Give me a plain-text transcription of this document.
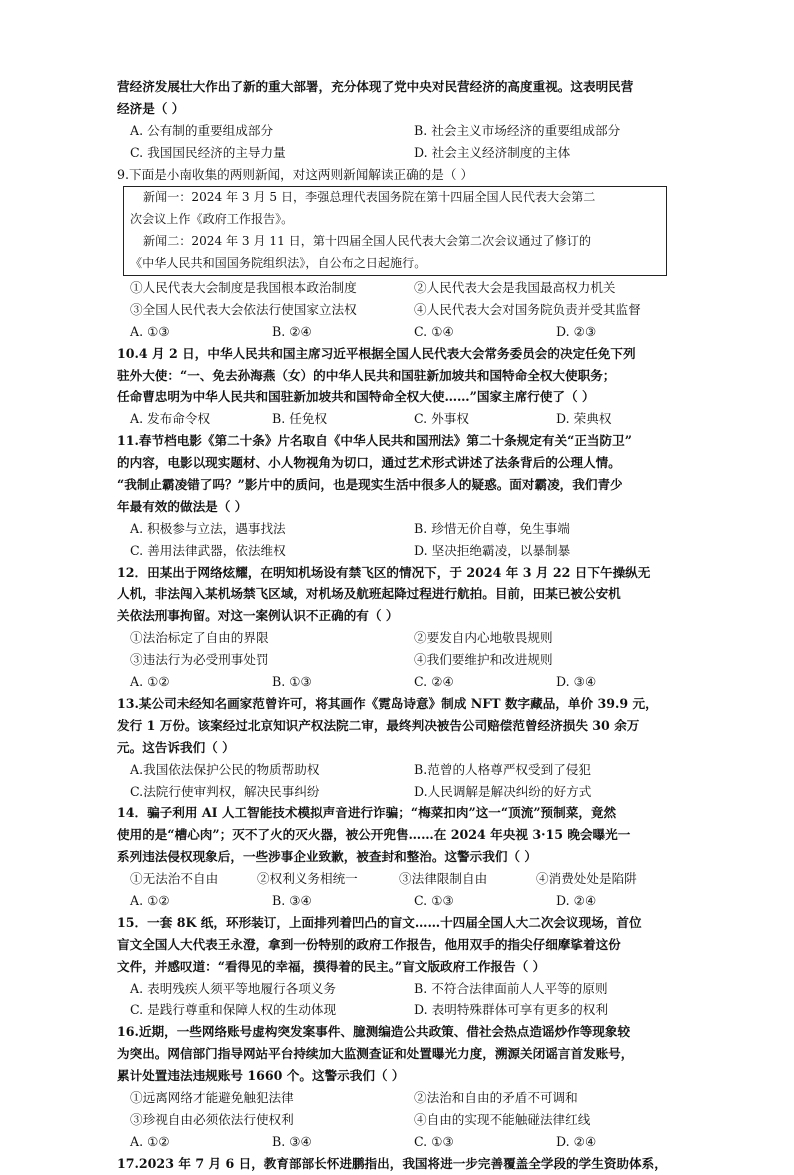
营经济发展壮大作出了新的重大部署，充分体现了党中央对民营经济的高度重视。这表明民营
经济是（ ）
A. 公有制的重要组成部分	B. 社会主义市场经济的重要组成部分
C. 我国国民经济的主导力量	D. 社会主义经济制度的主体
9.下面是小南收集的两则新闻，对这两则新闻解读正确的是（ ）
新闻一：2024 年 3 月 5 日，李强总理代表国务院在第十四届全国人民代表大会第二
次会议上作《政府工作报告》。
新闻二：2024 年 3 月 11 日，第十四届全国人民代表大会第二次会议通过了修订的
《中华人民共和国国务院组织法》，自公布之日起施行。
①人民代表大会制度是我国根本政治制度	②人民代表大会是我国最高权力机关
③全国人民代表大会依法行使国家立法权	④人民代表大会对国务院负责并受其监督
A. ①③	B. ②④	C. ①④	D. ②③
10.4 月 2 日，中华人民共和国主席习近平根据全国人民代表大会常务委员会的决定任免下列
驻外大使：“一、免去孙海燕（女）的中华人民共和国驻新加坡共和国特命全权大使职务；
任命曹忠明为中华人民共和国驻新加坡共和国特命全权大使……”国家主席行使了（ ）
A. 发布命令权	B. 任免权	C. 外事权	D. 荣典权
11.春节档电影《第二十条》片名取自《中华人民共和国刑法》第二十条规定有关“正当防卫”
的内容，电影以现实题材、小人物视角为切口，通过艺术形式讲述了法条背后的公理人情。
“我制止霸凌错了吗？”影片中的质问，也是现实生活中很多人的疑惑。面对霸凌，我们青少
年最有效的做法是（ ）
A. 积极参与立法，遇事找法	B. 珍惜无价自尊，免生事端
C. 善用法律武器，依法维权	D. 坚决拒绝霸凌，以暴制暴
12．田某出于网络炫耀，在明知机场设有禁飞区的情况下，于 2024 年 3 月 22 日下午操纵无
人机，非法闯入某机场禁飞区域，对机场及航班起降过程进行航拍。目前，田某已被公安机
关依法刑事拘留。对这一案例认识不正确的有（ ）
①法治标定了自由的界限	②要发自内心地敬畏规则
③违法行为必受刑事处罚	④我们要维护和改进规则
A. ①②	B. ①③	C. ②④	D. ③④
13.某公司未经知名画家范曾许可，将其画作《霓岛诗意》制成 NFT 数字藏品，单价 39.9 元，
发行 1 万份。该案经过北京知识产权法院二审，最终判决被告公司赔偿范曾经济损失 30 余万
元。这告诉我们（ ）
A.我国依法保护公民的物质帮助权	B.范曾的人格尊严权受到了侵犯
C.法院行使审判权，解决民事纠纷	D.人民调解是解决纠纷的好方式
14．骗子利用 AI 人工智能技术模拟声音进行诈骗；“梅菜扣肉”这一“顶流”预制菜，竟然
使用的是“槽心肉”；灭不了火的灭火器，被公开兜售……在 2024 年央视 3·15 晚会曝光一
系列违法侵权现象后，一些涉事企业致歉，被查封和整治。这警示我们（ ）
①无法治不自由	②权利义务相统一	③法律限制自由	④消费处处是陷阱
A. ①②	B. ③④	C. ①③	D. ②④
15．一套 8K 纸，环形装订，上面排列着凹凸的盲文……十四届全国人大二次会议现场，首位
盲文全国人大代表王永澄，拿到一份特别的政府工作报告，他用双手的指尖仔细摩挲着这份
文件，并感叹道：“看得见的幸福，摸得着的民主。”盲文版政府工作报告（ ）
A. 表明残疾人须平等地履行各项义务	B. 不符合法律面前人人平等的原则
C. 是践行尊重和保障人权的生动体现	D. 表明特殊群体可享有更多的权利
16.近期，一些网络账号虚构突发案事件、臆测编造公共政策、借社会热点造谣炒作等现象较
为突出。网信部门指导网站平台持续加大监测查证和处置曝光力度，溯源关闭谣言首发账号，
累计处置违法违规账号 1660 个。这警示我们（ ）
①远离网络才能避免触犯法律	②法治和自由的矛盾不可调和
③珍视自由必须依法行使权利	④自由的实现不能触碰法律红线
A. ①②	B. ③④	C. ①③	D. ②④
17.2023 年 7 月 6 日，教育部部长怀进鹏指出，我国将进一步完善覆盖全学段的学生资助体系，
